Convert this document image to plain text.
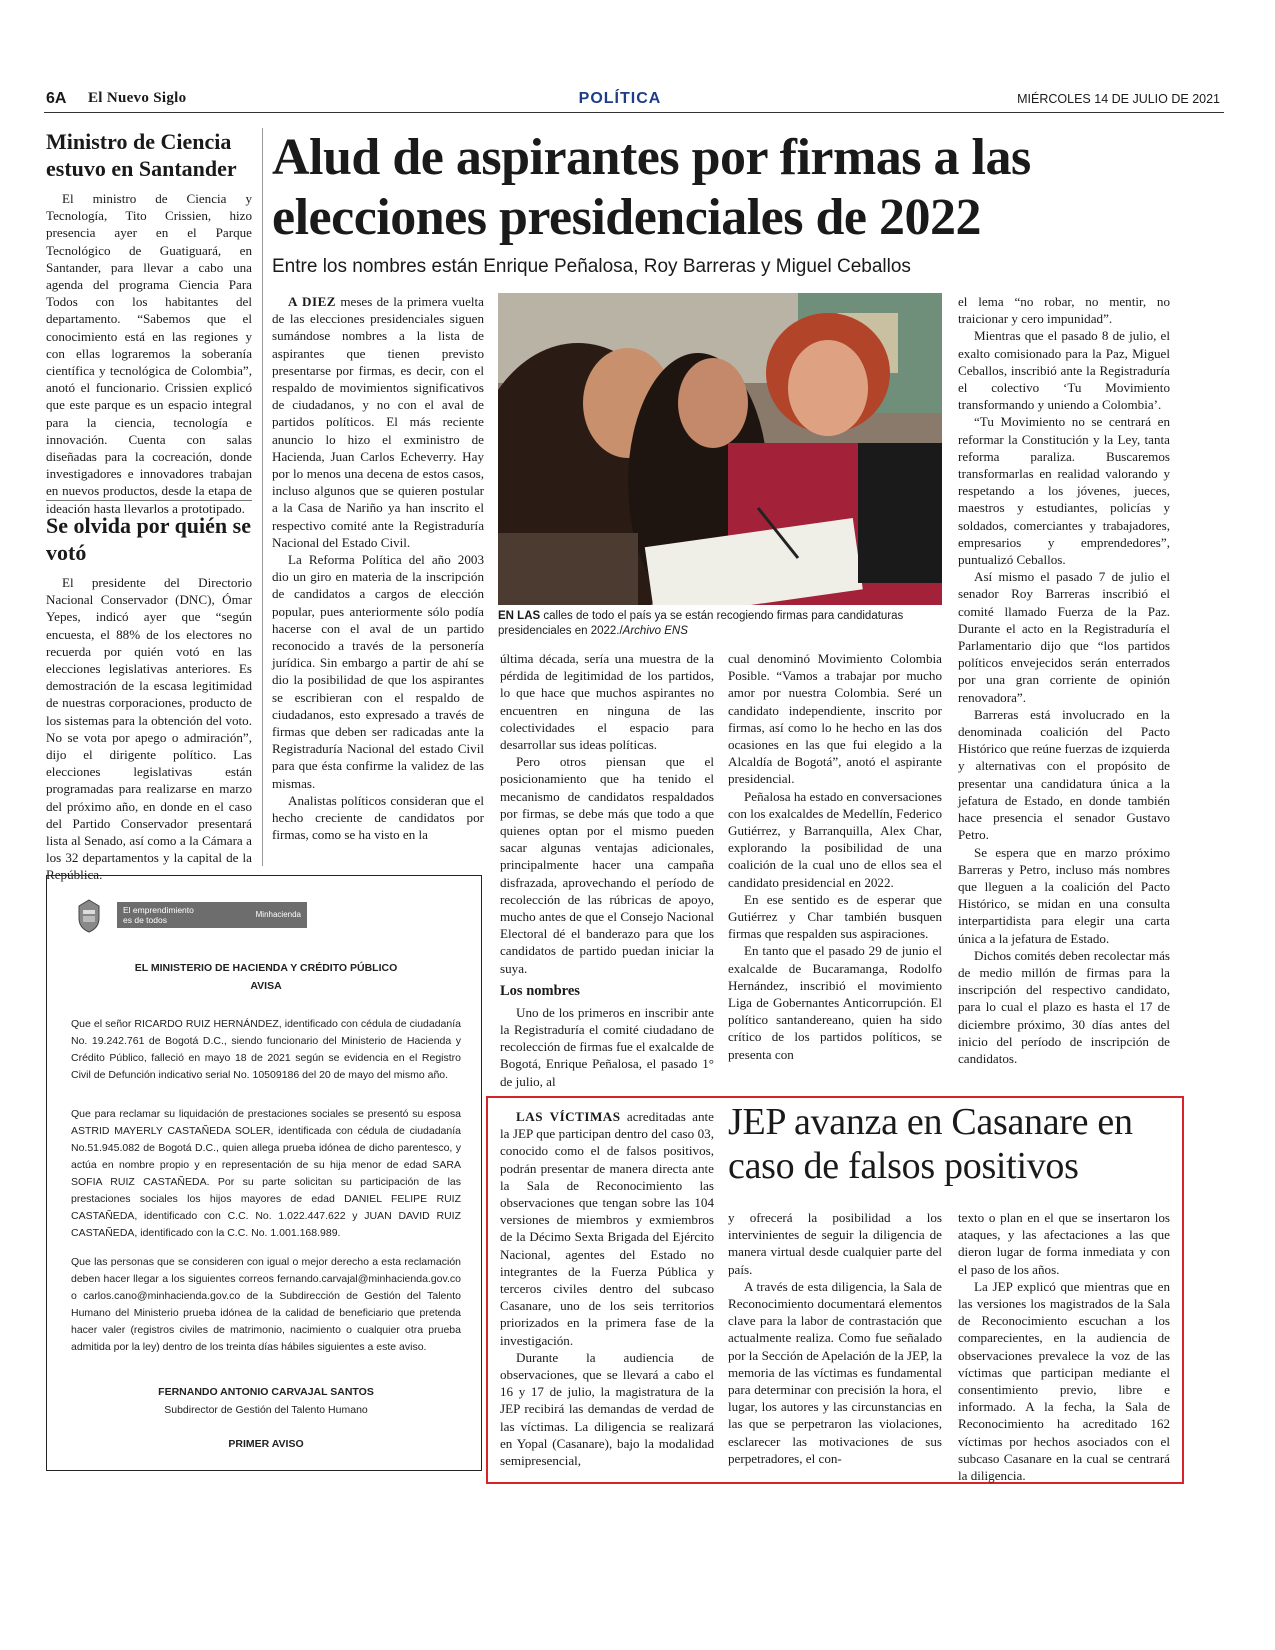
6A El Nuevo Siglo	POLÍTICA	MIÉRCOLES 14 DE JULIO DE 2021
Ministro de Ciencia estuvo en Santander

El ministro de Ciencia y Tecnología, Tito Crissien, hizo presencia ayer en el Parque Tecnológico de Guatiguará, en Santander, para llevar a cabo una agenda del programa Ciencia Para Todos con los habitantes del departamento. “Sabemos que el conocimiento está en las regiones y con ellas lograremos la soberanía científica y tecnológica de Colombia”, anotó el funcionario. Crissien explicó que este parque es un espacio integral para la ciencia, tecnología e innovación. Cuenta con salas diseñadas para la cocreación, donde investigadores e innovadores trabajan en nuevos productos, desde la etapa de ideación hasta llevarlos a prototipado.

Se olvida por quién se votó

El presidente del Directorio Nacional Conservador (DNC), Ómar Yepes, indicó ayer que “según encuesta, el 88% de los electores no recuerda por quién votó en las elecciones legislativas anteriores. Es demostración de la escasa legitimidad de nuestras corporaciones, producto de los sistemas para la obtención del voto. No se vota por apego o admiración”, dijo el dirigente político. Las elecciones legislativas están programadas para realizarse en marzo del próximo año, en donde en el caso del Partido Conservador presentará lista al Senado, así como a la Cámara a los 32 departamentos y la capital de la República.

Alud de aspirantes por firmas a las elecciones presidenciales de 2022
Entre los nombres están Enrique Peñalosa, Roy Barreras y Miguel Ceballos

A DIEZ meses de la primera vuelta de las elecciones presidenciales siguen sumándose nombres a la lista de aspirantes que tienen previsto presentarse por firmas, es decir, con el respaldo de movimientos significativos de ciudadanos, y no con el aval de partidos políticos. El más reciente anuncio lo hizo el exministro de Hacienda, Juan Carlos Echeverry. Hay por lo menos una decena de estos casos, incluso algunos que se quieren postular a la Casa de Nariño ya han inscrito el respectivo comité ante la Registraduría Nacional del Estado Civil.

La Reforma Política del año 2003 dio un giro en materia de la inscripción de candidatos a cargos de elección popular, pues anteriormente sólo podía hacerse con el aval de un partido reconocido a través de la personería jurídica. Sin embargo a partir de ahí se dio la posibilidad de que los aspirantes se escribieran con el respaldo de ciudadanos, esto expresado a través de firmas que deben ser radicadas ante la Registraduría Nacional del estado Civil para que ésta confirme la validez de las mismas.

Analistas políticos consideran que el hecho creciente de candidatos por firmas, como se ha visto en la

EN LAS calles de todo el país ya se están recogiendo firmas para candidaturas presidenciales en 2022./Archivo ENS

última década, sería una muestra de la pérdida de legitimidad de los partidos, lo que hace que muchos aspirantes no encuentren en ninguna de las colectividades el espacio para desarrollar sus ideas políticas.

Pero otros piensan que el posicionamiento que ha tenido el mecanismo de candidatos respaldados por firmas, se debe más que todo a que quienes optan por el mismo pueden sacar algunas ventajas adicionales, principalmente hacer una campaña disfrazada, aprovechando el período de recolección de las rúbricas de apoyo, mucho antes de que el Consejo Nacional Electoral dé el banderazo para que los candidatos de partido puedan iniciar la suya.

Los nombres

Uno de los primeros en inscribir ante la Registraduría el comité ciudadano de recolección de firmas fue el exalcalde de Bogotá, Enrique Peñalosa, el pasado 1° de julio, al

cual denominó Movimiento Colombia Posible. “Vamos a trabajar por mucho amor por nuestra Colombia. Seré un candidato independiente, inscrito por firmas, así como lo he hecho en las dos ocasiones en las que fui elegido a la Alcaldía de Bogotá”, anotó el aspirante presidencial.

Peñalosa ha estado en conversaciones con los exalcaldes de Medellín, Federico Gutiérrez, y Barranquilla, Alex Char, explorando la posibilidad de una coalición de la cual uno de ellos sea el candidato presidencial en 2022.

En ese sentido es de esperar que Gutiérrez y Char también busquen firmas que respalden sus aspiraciones.

En tanto que el pasado 29 de junio el exalcalde de Bucaramanga, Rodolfo Hernández, inscribió el movimiento Liga de Gobernantes Anticorrupción. El político santandereano, quien ha sido crítico de los partidos políticos, se presenta con

el lema “no robar, no mentir, no traicionar y cero impunidad”.

Mientras que el pasado 8 de julio, el exalto comisionado para la Paz, Miguel Ceballos, inscribió ante la Registraduría el colectivo ‘Tu Movimiento transformando y uniendo a Colombia’.

“Tu Movimiento no se centrará en reformar la Constitución y la Ley, tanta reforma paraliza. Buscaremos transformarlas en realidad valorando y respetando a los jóvenes, jueces, maestros y estudiantes, policías y soldados, comerciantes y trabajadores, empresarios y emprendedores”, puntualizó Ceballos.

Así mismo el pasado 7 de julio el senador Roy Barreras inscribió el comité llamado Fuerza de la Paz. Durante el acto en la Registraduría el Parlamentario dijo que “los partidos políticos envejecidos serán enterrados por una gran corriente de opinión renovadora”.

Barreras está involucrado en la denominada coalición del Pacto Histórico que reúne fuerzas de izquierda y alternativas con el propósito de presentar una candidatura única a la jefatura de Estado, en donde también hace presencia el senador Gustavo Petro.

Se espera que en marzo próximo Barreras y Petro, incluso más nombres que lleguen a la coalición del Pacto Histórico, se midan en una consulta interpartidista para elegir una carta única a la jefatura de Estado.

Dichos comités deben recolectar más de medio millón de firmas para la inscripción del respectivo candidato, para lo cual el plazo es hasta el 17 de diciembre próximo, 30 días antes del inicio del período de inscripción de candidatos.

El emprendimiento
es de todos
Minhacienda
EL MINISTERIO DE HACIENDA Y CRÉDITO PÚBLICO
AVISA
Que el señor RICARDO RUIZ HERNÁNDEZ, identificado con cédula de ciudadanía No. 19.242.761 de Bogotá D.C., siendo funcionario del Ministerio de Hacienda y Crédito Público, falleció en mayo 18 de 2021 según se evidencia en el Registro Civil de Defunción indicativo serial No. 10509186 del 20 de mayo del mismo año.
Que para reclamar su liquidación de prestaciones sociales se presentó su esposa ASTRID MAYERLY CASTAÑEDA SOLER, identificada con cédula de ciudadanía No.51.945.082 de Bogotá D.C., quien allega prueba idónea de dicho parentesco, y actúa en nombre propio y en representación de su hija menor de edad SARA SOFIA RUIZ CASTAÑEDA. Por su parte solicitan su participación de las prestaciones sociales los hijos mayores de edad DANIEL FELIPE RUIZ CASTAÑEDA, identificado con C.C. No. 1.022.447.622 y JUAN DAVID RUIZ CASTAÑEDA, identificado con la C.C. No. 1.001.168.989.
Que las personas que se consideren con igual o mejor derecho a esta reclamación deben hacer llegar a los siguientes correos fernando.carvajal@minhacienda.gov.co o carlos.cano@minhacienda.gov.co de la Subdirección de Gestión del Talento Humano del Ministerio prueba idónea de la calidad de beneficiario que pretenda hacer valer (registros civiles de matrimonio, nacimiento o cualquier otra prueba admitida por la ley) dentro de los treinta días hábiles siguientes a este aviso.
FERNANDO ANTONIO CARVAJAL SANTOS
Subdirector de Gestión del Talento Humano
PRIMER AVISO
JEP avanza en Casanare en caso de falsos positivos

LAS VÍCTIMAS acreditadas ante la JEP que participan dentro del caso 03, conocido como el de falsos positivos, podrán presentar de manera directa ante la Sala de Reconocimiento las observaciones que tengan sobre las 104 versiones de miembros y exmiembros de la Décimo Sexta Brigada del Ejército Nacional, agentes del Estado no integrantes de la Fuerza Pública y terceros civiles dentro del subcaso Casanare, uno de los seis territorios priorizados en la primera fase de la investigación.

Durante la audiencia de observaciones, que se llevará a cabo el 16 y 17 de julio, la magistratura de la JEP recibirá las demandas de verdad de las víctimas. La diligencia se realizará en Yopal (Casanare), bajo la modalidad semipresencial,

y ofrecerá la posibilidad a los intervinientes de seguir la diligencia de manera virtual desde cualquier parte del país.

A través de esta diligencia, la Sala de Reconocimiento documentará elementos clave para la labor de contrastación que actualmente realiza. Como fue señalado por la Sección de Apelación de la JEP, la memoria de las víctimas es fundamental para determinar con precisión la hora, el lugar, los autores y las circunstancias en las que se perpetraron las violaciones, esclarecer las motivaciones de sus perpetradores, el con-

texto o plan en el que se insertaron los ataques, y las afectaciones a las que dieron lugar de forma inmediata y con el paso de los años.

La JEP explicó que mientras que en las versiones los magistrados de la Sala de Reconocimiento escuchan a los comparecientes, en la audiencia de observaciones prevalece la voz de las víctimas que participan mediante el consentimiento previo, libre e informado. A la fecha, la Sala de Reconocimiento ha acreditado 162 víctimas por hechos asociados con el subcaso Casanare en la cual se centrará la diligencia.
